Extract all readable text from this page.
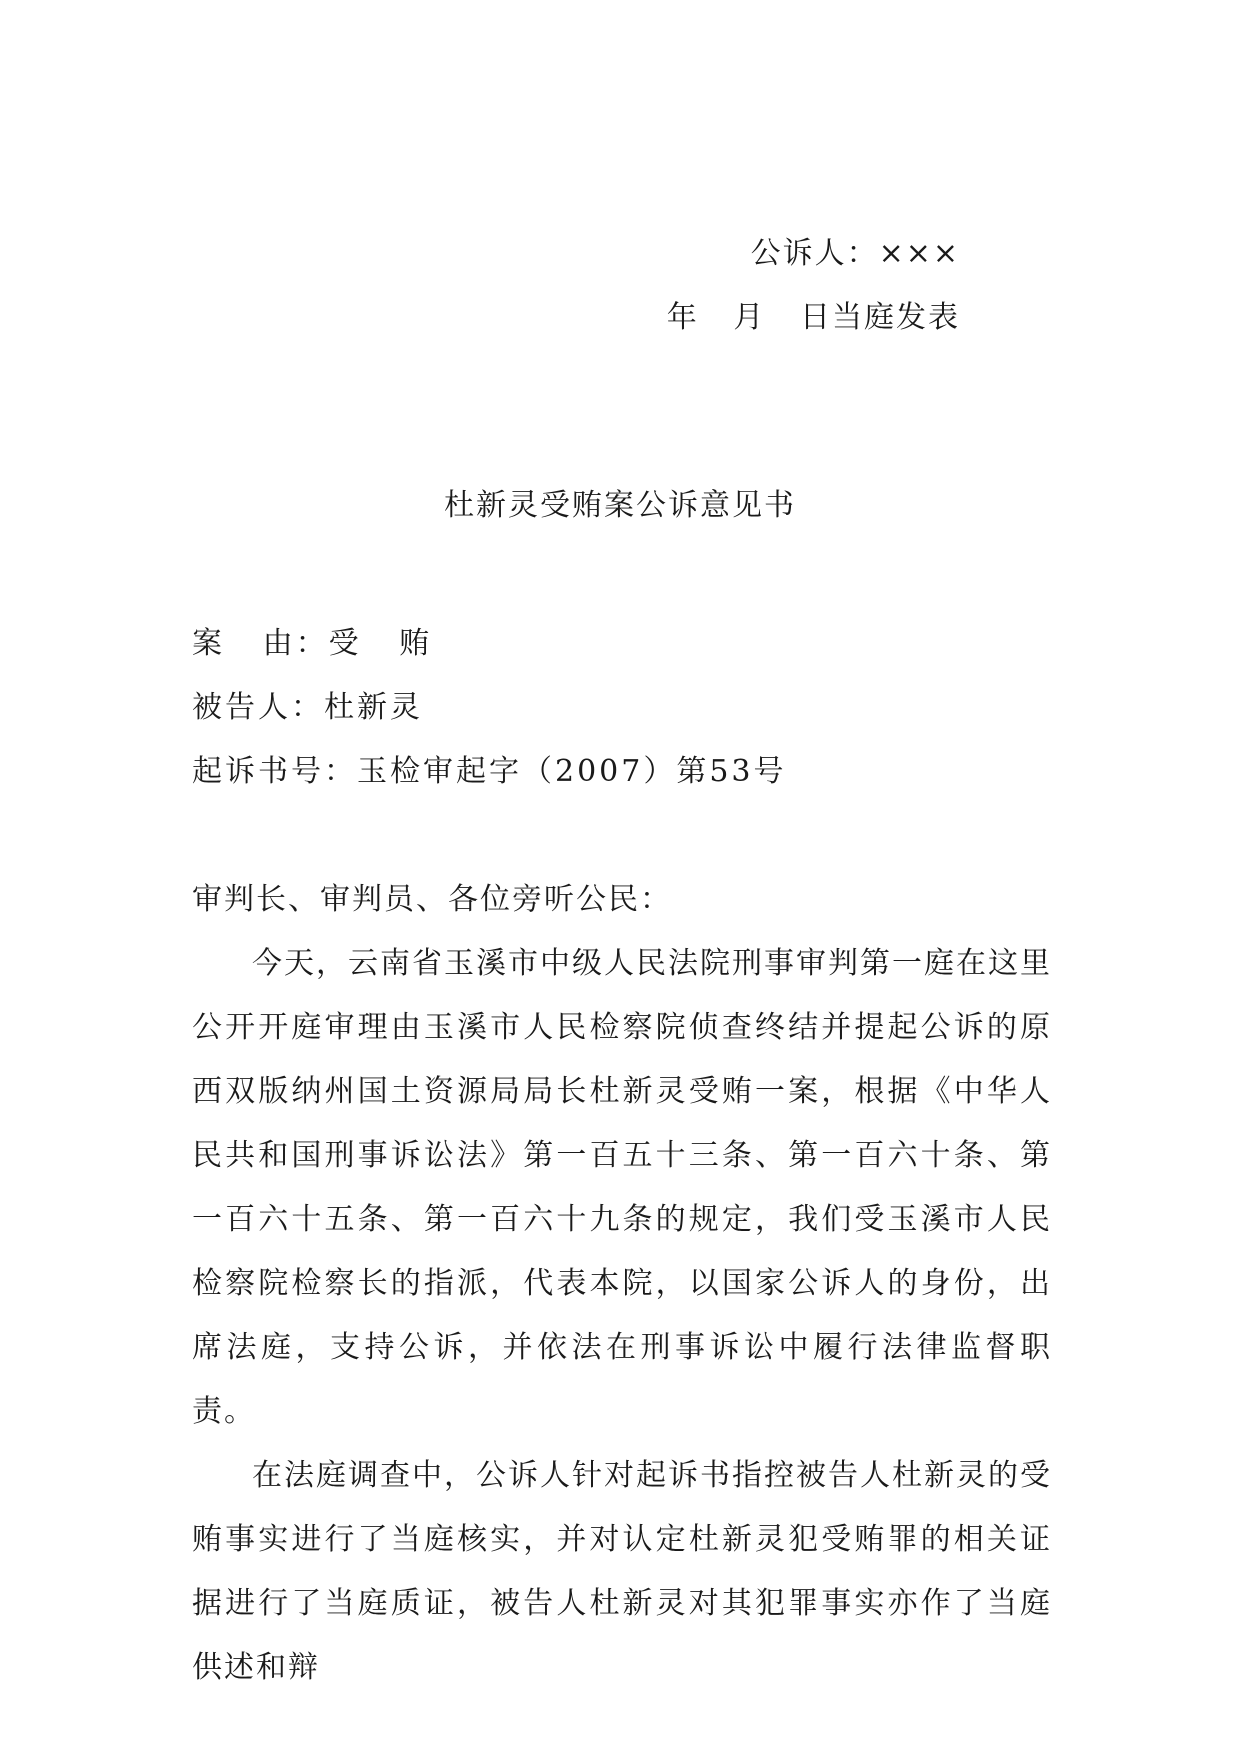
公诉人：×××
年   月   日当庭发表
杜新灵受贿案公诉意见书
案   由：受   贿
被告人：杜新灵
起诉书号：玉检审起字（2007）第53号
审判长、审判员、各位旁听公民：

今天，云南省玉溪市中级人民法院刑事审判第一庭在这里公开开庭审理由玉溪市人民检察院侦查终结并提起公诉的原西双版纳州国土资源局局长杜新灵受贿一案，根据《中华人民共和国刑事诉讼法》第一百五十三条、第一百六十条、第一百六十五条、第一百六十九条的规定，我们受玉溪市人民检察院检察长的指派，代表本院，以国家公诉人的身份，出席法庭，支持公诉，并依法在刑事诉讼中履行法律监督职责。

在法庭调查中，公诉人针对起诉书指控被告人杜新灵的受贿事实进行了当庭核实，并对认定杜新灵犯受贿罪的相关证据进行了当庭质证，被告人杜新灵对其犯罪事实亦作了当庭供述和辩
